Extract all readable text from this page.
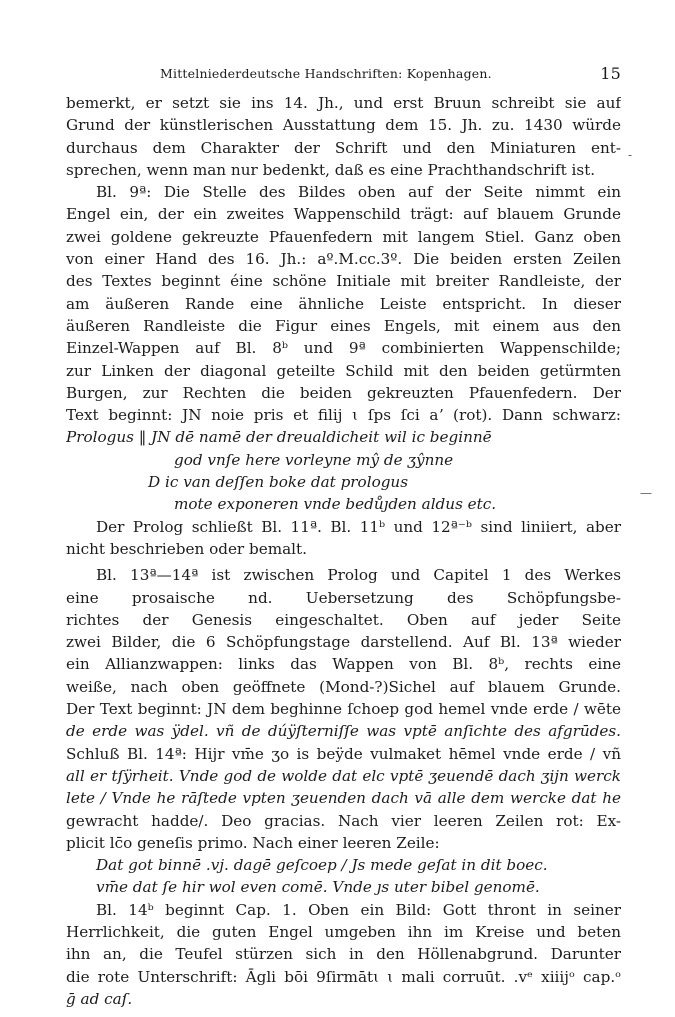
Mittelniederdeutsche Handschriften: Kopenhagen.	15
bemerkt, er setzt sie ins 14. Jh., und erst Bruun schreibt sie auf
Grund der künstlerischen Ausstattung dem 15. Jh. zu. 1430 würde
durchaus dem Charakter der Schrift und den Miniaturen ent-
sprechen, wenn man nur bedenkt, daß es eine Prachthandschrift ist.
Bl. 9ª: Die Stelle des Bildes oben auf der Seite nimmt ein
Engel ein, der ein zweites Wappenschild trägt: auf blauem Grunde
zwei goldene gekreuzte Pfauenfedern mit langem Stiel. Ganz oben
von einer Hand des 16. Jh.: aº.M.cc.3º. Die beiden ersten Zeilen
des Textes beginnt éine schöne Initiale mit breiter Randleiste, der
am äußeren Rande eine ähnliche Leiste entspricht. In dieser
äußeren Randleiste die Figur eines Engels, mit einem aus den
Einzel-Wappen auf Bl. 8ᵇ und 9ª combinierten Wappenschilde;
zur Linken der diagonal geteilte Schild mit den beiden getürmten
Burgen, zur Rechten die beiden gekreuzten Pfauenfedern. Der
Text beginnt: JN noie pris et filij ɩ ſps ſci aʼ (rot). Dann schwarz:
Prologus ‖ JN dē namē der dreualdicheit wil ic beginnē
god vnſe here vorleyne mŷ de ʒŷnne
D ic van deſſen boke dat prologus
mote exponeren vnde bedůȷden aldus etc.
Der Prolog schließt Bl. 11ª. Bl. 11ᵇ und 12ª⁻ᵇ sind liniiert, aber
nicht beschrieben oder bemalt.
Bl. 13ª—14ª ist zwischen Prolog und Capitel 1 des Werkes
eine prosaische nd. Uebersetzung des Schöpfungsbe-
richtes der Genesis eingeschaltet. Oben auf jeder Seite
zwei Bilder, die 6 Schöpfungstage darstellend. Auf Bl. 13ª wieder
ein Allianzwappen: links das Wappen von Bl. 8ᵇ, rechts eine
weiße, nach oben geöffnete (Mond-?)Sichel auf blauem Grunde.
Der Text beginnt: JN dem beghinne ſchoep god hemel vnde erde / wēte
de erde was ÿdel. vñ de dúÿſterniſſe was vptē anſichte des afgrūdes.
Schluß Bl. 14ª: Hijr vm̄e ʒo is beÿde vulmaket hēmel vnde erde / vñ
all er tſÿrheit. Vnde god de wolde dat elc vptē ʒeuendē dach ʒijn werck
lete / Vnde he rāſtede vpten ʒeuenden dach vā alle dem wercke dat he
gewracht hadde/. Deo gracias. Nach vier leeren Zeilen rot: Ex-
plicit lc̄o geneſis primo. Nach einer leeren Zeile:
Dat got binnē .vj. dagē geſcoep / Js mede geſat in dit boec.
vm̄e dat ſe hir wol even comē. Vnde ȷs uter bibel genomē.
Bl. 14ᵇ beginnt Cap. 1. Oben ein Bild: Gott thront in seiner
Herrlichkeit, die guten Engel umgeben ihn im Kreise und beten
ihn an, die Teufel stürzen sich in den Höllenabgrund. Darunter
die rote Unterschrift: Āgli bōi 9ſirmātɩ ɩ mali corruūt. .vᵉ xiiijᵒ cap.ᵒ
ḡ ad caſ.
-
—
